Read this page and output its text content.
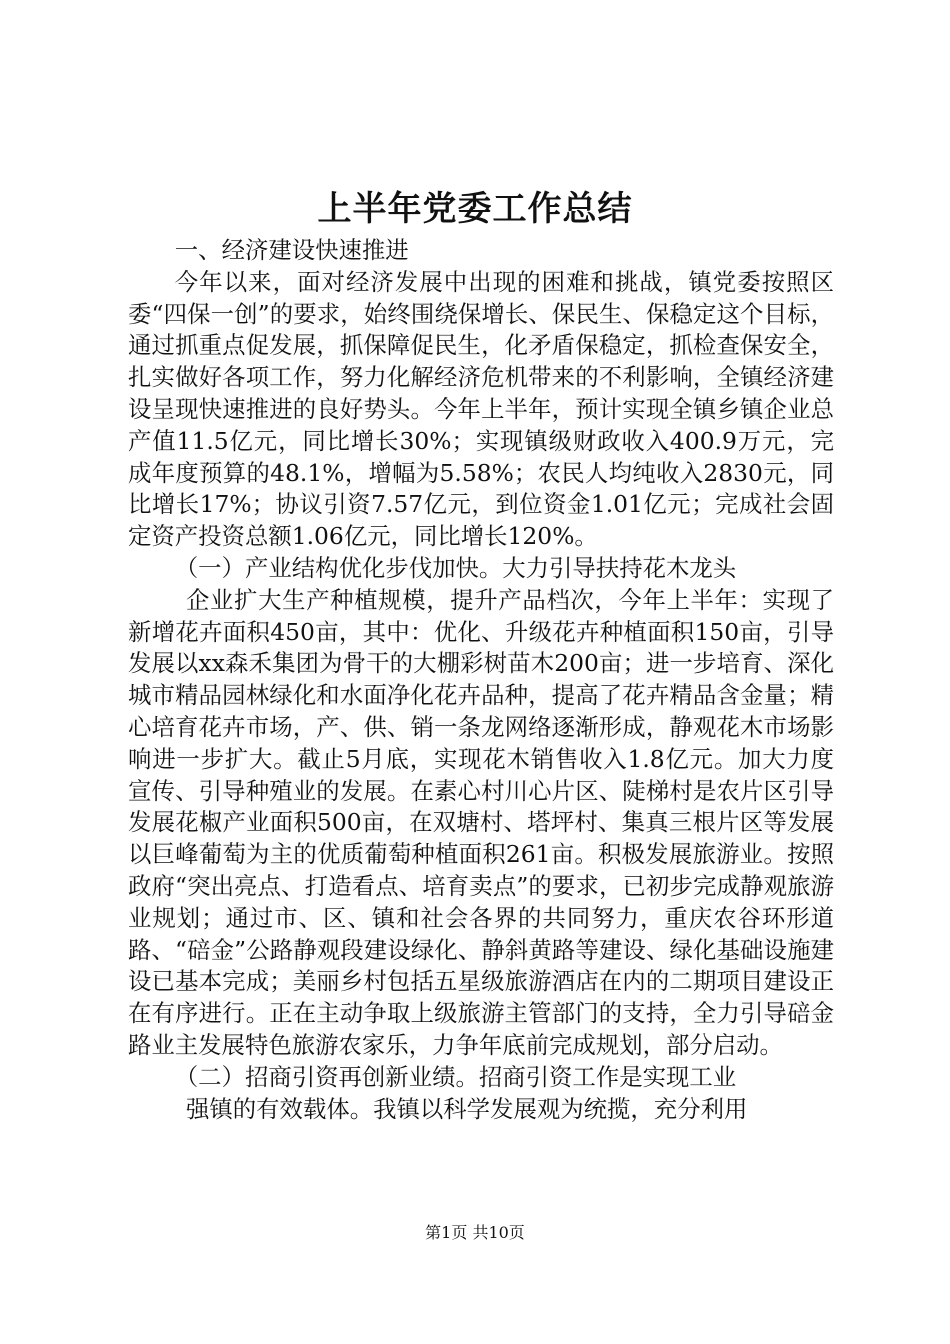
上半年党委工作总结

一、经济建设快速推进

今年以来，面对经济发展中出现的困难和挑战，镇党委按照区委“四保一创”的要求，始终围绕保增长、保民生、保稳定这个目标，通过抓重点促发展，抓保障促民生，化矛盾保稳定，抓检查保安全，扎实做好各项工作，努力化解经济危机带来的不利影响，全镇经济建设呈现快速推进的良好势头。今年上半年，预计实现全镇乡镇企业总产值11.5亿元，同比增长30%；实现镇级财政收入400.9万元，完成年度预算的48.1%，增幅为5.58%；农民人均纯收入2830元，同比增长17%；协议引资7.57亿元，到位资金1.01亿元；完成社会固定资产投资总额1.06亿元，同比增长120%。

（一）产业结构优化步伐加快。大力引导扶持花木龙头

企业扩大生产种植规模，提升产品档次，今年上半年：实现了新增花卉面积450亩，其中：优化、升级花卉种植面积150亩，引导发展以xx森禾集团为骨干的大棚彩树苗木200亩；进一步培育、深化城市精品园林绿化和水面净化花卉品种，提高了花卉精品含金量；精心培育花卉市场，产、供、销一条龙网络逐渐形成，静观花木市场影响进一步扩大。截止5月底，实现花木销售收入1.8亿元。加大力度宣传、引导种殖业的发展。在素心村川心片区、陡梯村是农片区引导发展花椒产业面积500亩，在双塘村、塔坪村、集真三根片区等发展以巨峰葡萄为主的优质葡萄种植面积261亩。积极发展旅游业。按照政府“突出亮点、打造看点、培育卖点”的要求，已初步完成静观旅游业规划；通过市、区、镇和社会各界的共同努力，重庆农谷环形道路、“碚金”公路静观段建设绿化、静斜黄路等建设、绿化基础设施建设已基本完成；美丽乡村包括五星级旅游酒店在内的二期项目建设正在有序进行。正在主动争取上级旅游主管部门的支持，全力引导碚金路业主发展特色旅游农家乐，力争年底前完成规划，部分启动。

（二）招商引资再创新业绩。招商引资工作是实现工业

强镇的有效载体。我镇以科学发展观为统揽，充分利用

第1页 共10页
